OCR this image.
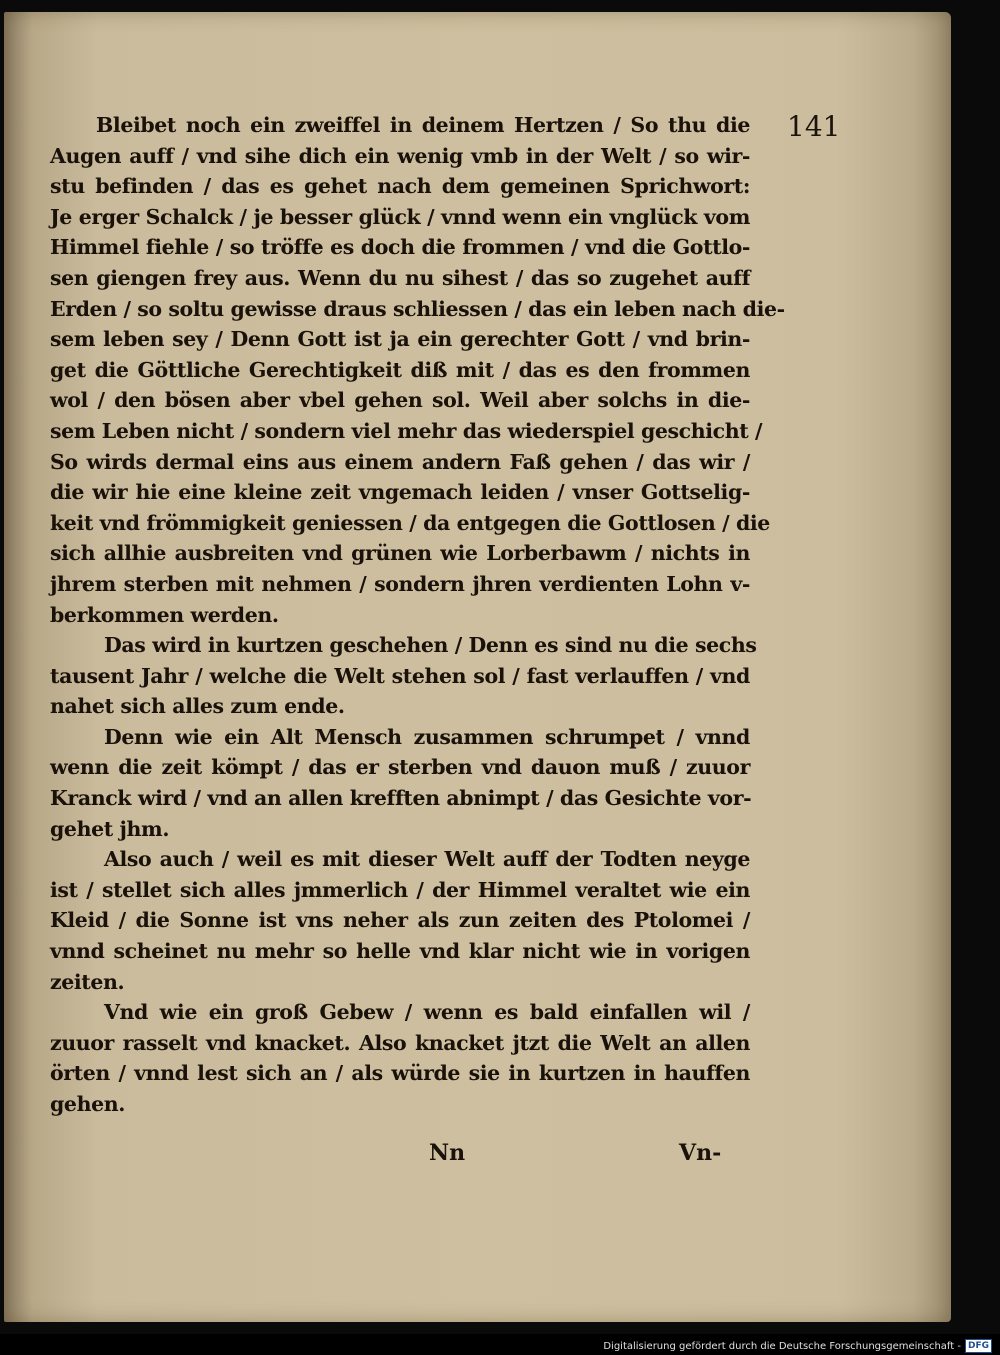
141
Bleibet noch ein zweiffel in deinem Hertzen / So thu die
Augen auff / vnd sihe dich ein wenig vmb in der Welt / so wir-
stu befinden / das es gehet nach dem gemeinen Sprichwort:
Je erger Schalck / je besser glück / vnnd wenn ein vnglück vom
Himmel fiehle / so tröffe es doch die frommen / vnd die Gottlo-
sen giengen frey aus. Wenn du nu sihest / das so zugehet auff
Erden / so soltu gewisse draus schliessen / das ein leben nach die-
sem leben sey / Denn Gott ist ja ein gerechter Gott / vnd brin-
get die Göttliche Gerechtigkeit diß mit / das es den frommen
wol / den bösen aber vbel gehen sol. Weil aber solchs in die-
sem Leben nicht / sondern viel mehr das wiederspiel geschicht /
So wirds dermal eins aus einem andern Faß gehen / das wir /
die wir hie eine kleine zeit vngemach leiden / vnser Gottselig-
keit vnd frömmigkeit geniessen / da entgegen die Gottlosen / die
sich allhie ausbreiten vnd grünen wie Lorberbawm / nichts in
jhrem sterben mit nehmen / sondern jhren verdienten Lohn v-
berkommen werden.
Das wird in kurtzen geschehen / Denn es sind nu die sechs
tausent Jahr / welche die Welt stehen sol / fast verlauffen / vnd
nahet sich alles zum ende.
Denn wie ein Alt Mensch zusammen schrumpet / vnnd
wenn die zeit kömpt / das er sterben vnd dauon muß / zuuor
Kranck wird / vnd an allen krefften abnimpt / das Gesichte vor-
gehet jhm.
Also auch / weil es mit dieser Welt auff der Todten neyge
ist / stellet sich alles jmmerlich / der Himmel veraltet wie ein
Kleid / die Sonne ist vns neher als zun zeiten des Ptolomei /
vnnd scheinet nu mehr so helle vnd klar nicht wie in vorigen
zeiten.
Vnd wie ein groß Gebew / wenn es bald einfallen wil /
zuuor rasselt vnd knacket. Also knacket jtzt die Welt an allen
örten / vnnd lest sich an / als würde sie in kurtzen in hauffen
gehen.
Nn	Vn-
Digitalisierung gefördert durch die Deutsche Forschungsgemeinschaft - DFG
